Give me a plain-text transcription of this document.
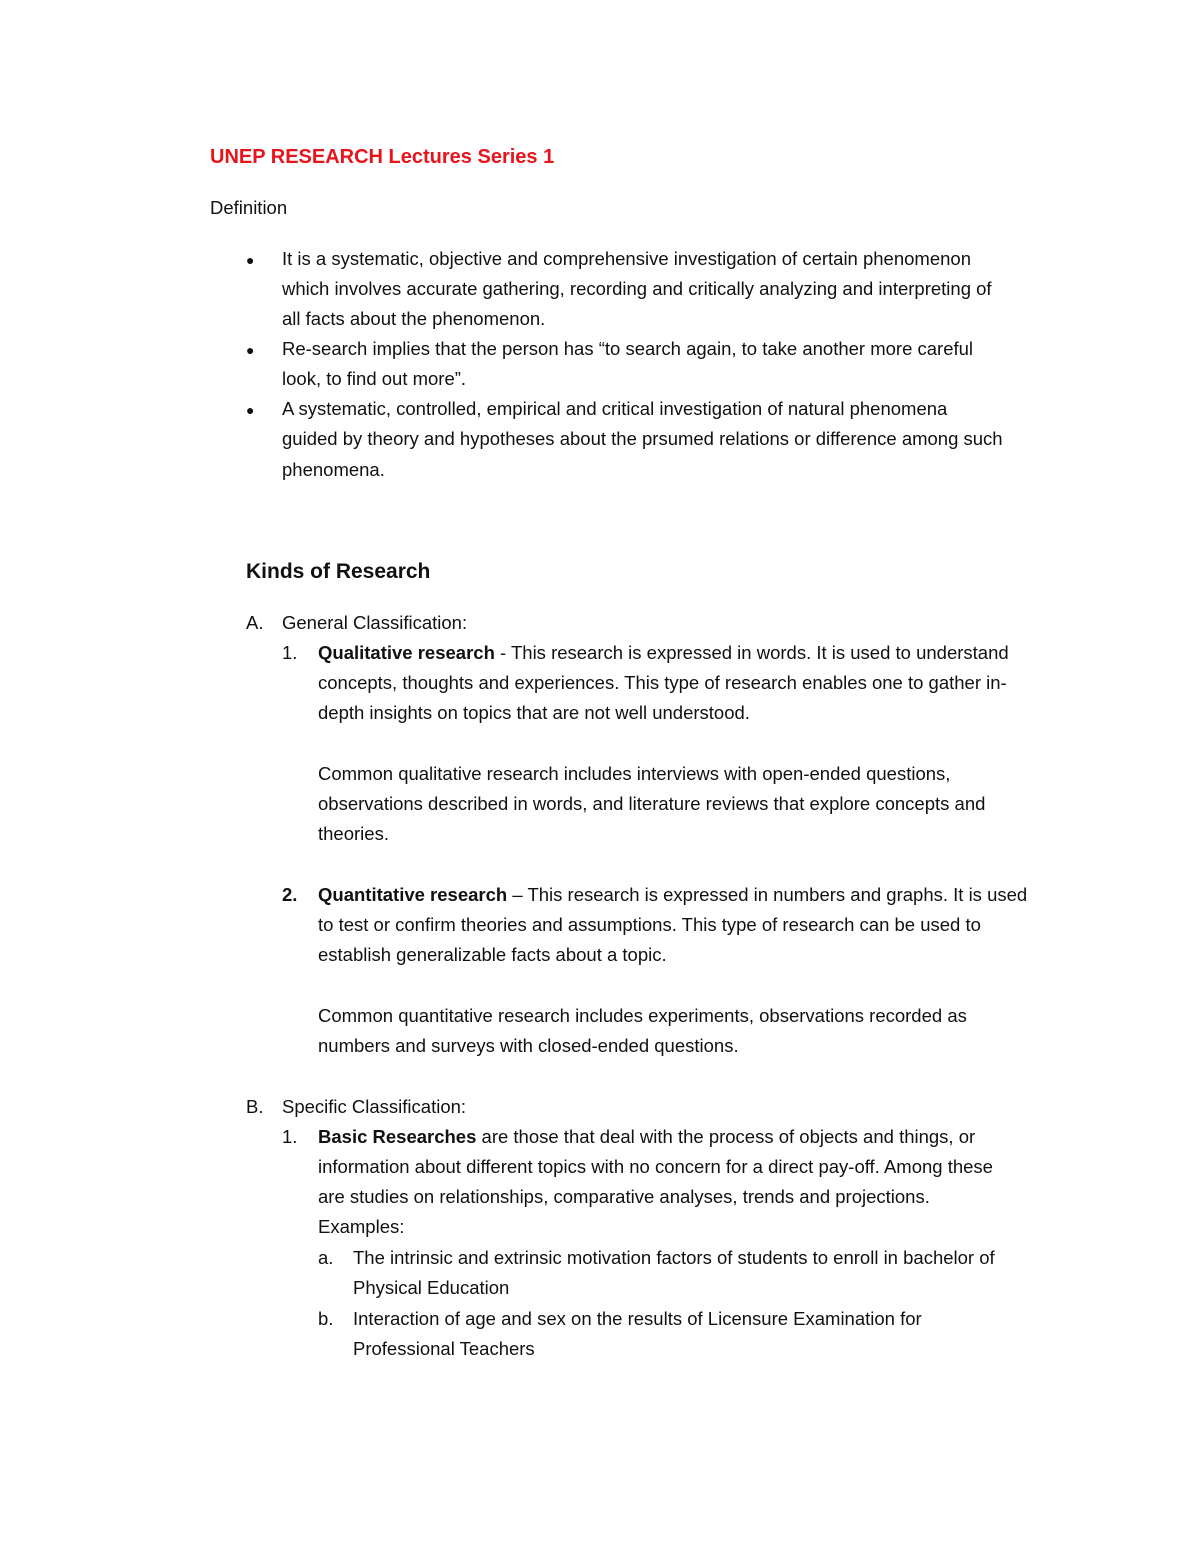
UNEP RESEARCH Lectures Series 1
Definition
● It is a systematic, objective and comprehensive investigation of certain phenomenon
which involves accurate gathering, recording and critically analyzing and interpreting of
all facts about the phenomenon.
● Re-search implies that the person has “to search again, to take another more careful
look, to find out more”.
● A systematic, controlled, empirical and critical investigation of natural phenomena
guided by theory and hypotheses about the prsumed relations or difference among such
phenomena.
Kinds of Research
A. General Classification:
1. Qualitative research - This research is expressed in words. It is used to understand
concepts, thoughts and experiences. This type of research enables one to gather in-
depth insights on topics that are not well understood.
Common qualitative research includes interviews with open-ended questions,
observations described in words, and literature reviews that explore concepts and
theories.
2. Quantitative research – This research is expressed in numbers and graphs. It is used
to test or confirm theories and assumptions. This type of research can be used to
establish generalizable facts about a topic.
Common quantitative research includes experiments, observations recorded as
numbers and surveys with closed-ended questions.
B. Specific Classification:
1. Basic Researches are those that deal with the process of objects and things, or
information about different topics with no concern for a direct pay-off. Among these
are studies on relationships, comparative analyses, trends and projections.
Examples:
a. The intrinsic and extrinsic motivation factors of students to enroll in bachelor of
Physical Education
b. Interaction of age and sex on the results of Licensure Examination for
Professional Teachers
